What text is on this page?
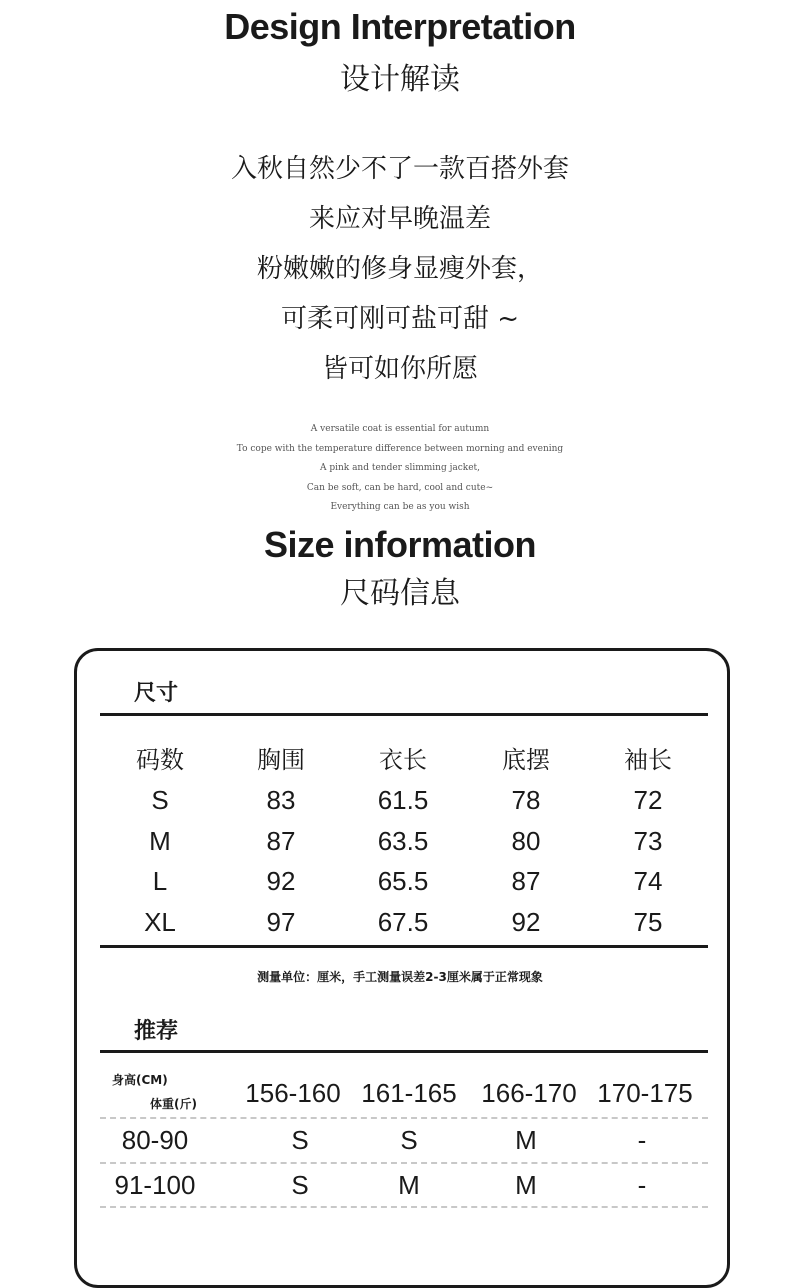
Design Interpretation
设计解读
入秋自然少不了一款百搭外套
来应对早晚温差
粉嫩嫩的修身显瘦外套，
可柔可刚可盐可甜 ~
皆可如你所愿
A versatile coat is essential for autumn
To cope with the temperature difference between morning and evening
A pink and tender slimming jacket,
Can be soft, can be hard, cool and cute~
Everything can be as you wish
Size information
尺码信息
尺寸
码数	胸围	衣长	底摆	袖长
S	83	61.5	78	72
M	87	63.5	80	73
L	92	65.5	87	74
XL	97	67.5	92	75
测量单位：厘米，手工测量误差2-3厘米属于正常现象
推荐
身高(CM)
体重(斤)	156-160 161-165 166-170 170-175
80-90	S	S	M	-
91-100	S	M	M	-
